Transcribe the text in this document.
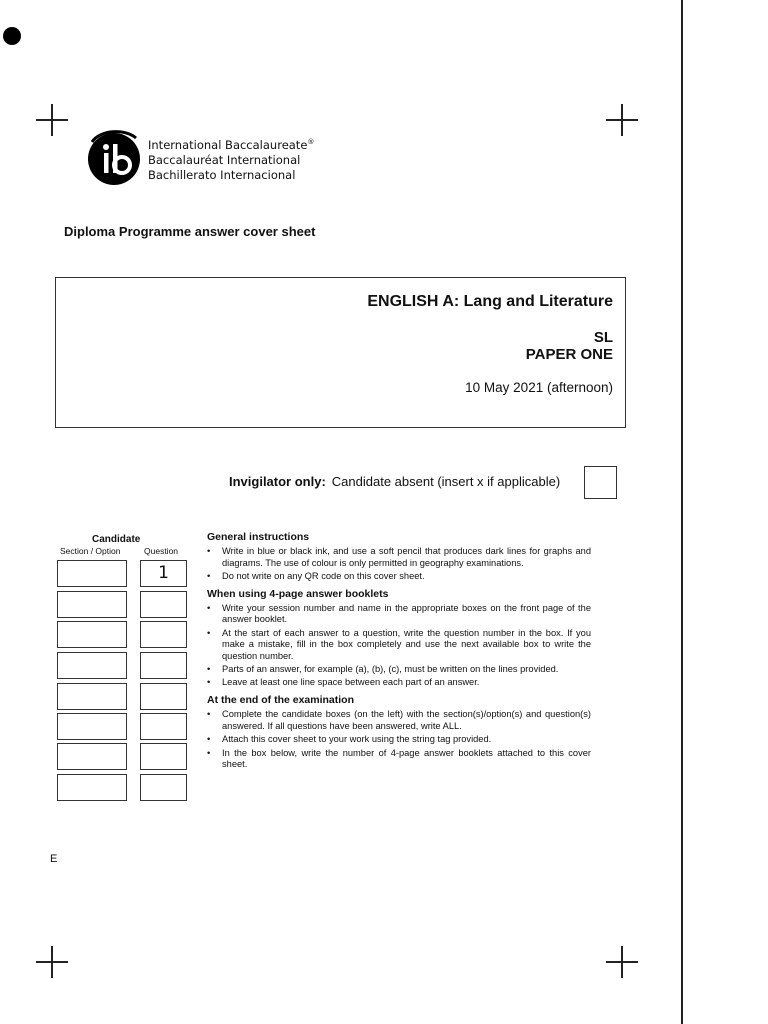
International Baccalaureate®
Baccalauréat International
Bachillerato Internacional
Diploma Programme answer cover sheet
ENGLISH A: Lang and Literature
SL
PAPER ONE
10 May 2021 (afternoon)
Invigilator only: Candidate absent (insert x if applicable)
Candidate
Section / Option	Question
1
General instructions
• Write in blue or black ink, and use a soft pencil that produces dark lines for graphs and diagrams. The use of colour is only permitted in geography examinations.
• Do not write on any QR code on this cover sheet.
When using 4-page answer booklets
• Write your session number and name in the appropriate boxes on the front page of the answer booklet.
• At the start of each answer to a question, write the question number in the box. If you make a mistake, fill in the box completely and use the next available box to write the question number.
• Parts of an answer, for example (a), (b), (c), must be written on the lines provided.
• Leave at least one line space between each part of an answer.
At the end of the examination
• Complete the candidate boxes (on the left) with the section(s)/option(s) and question(s) answered. If all questions have been answered, write ALL.
• Attach this cover sheet to your work using the string tag provided.
• In the box below, write the number of 4-page answer booklets attached to this cover sheet.
E
